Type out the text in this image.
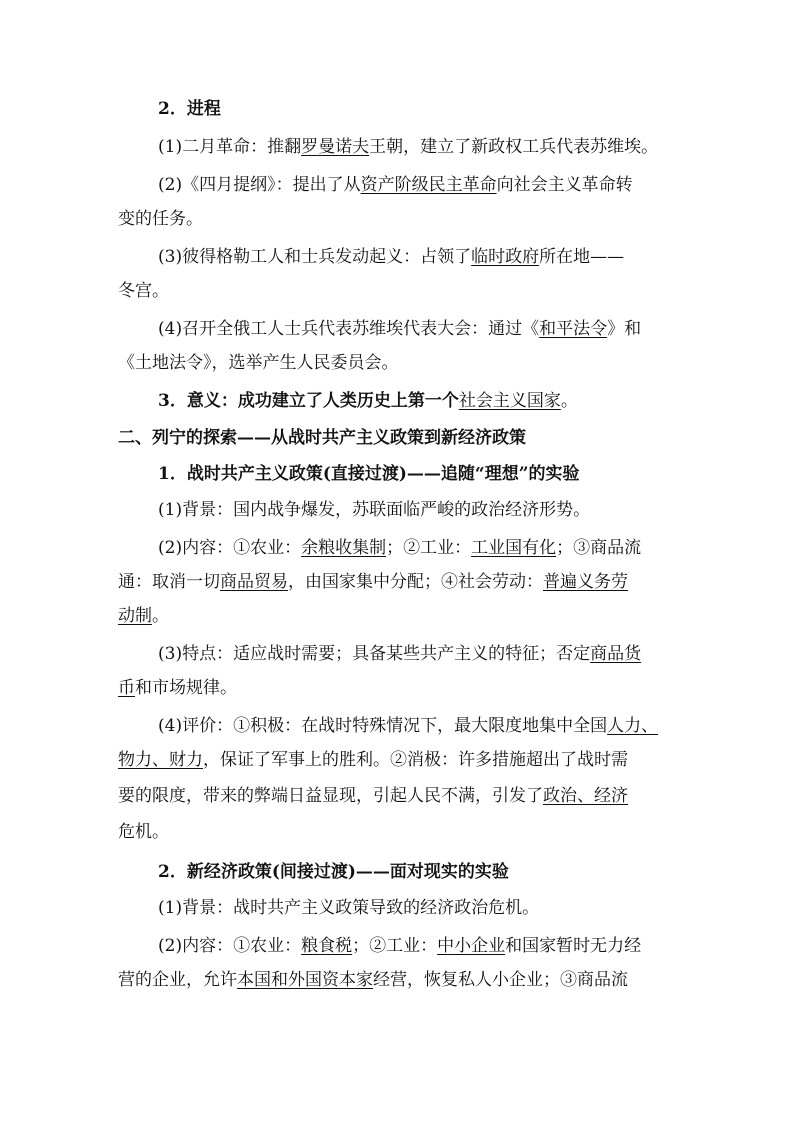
2．进程
(1)二月革命：推翻罗曼诺夫王朝，建立了新政权工兵代表苏维埃。
(2)《四月提纲》：提出了从资产阶级民主革命向社会主义革命转
变的任务。
(3)彼得格勒工人和士兵发动起义：占领了临时政府所在地——
冬宫。
(4)召开全俄工人士兵代表苏维埃代表大会：通过《和平法令》和
《土地法令》，选举产生人民委员会。
3．意义：成功建立了人类历史上第一个社会主义国家。
二、列宁的探索——从战时共产主义政策到新经济政策
1．战时共产主义政策(直接过渡)——追随“理想”的实验
(1)背景：国内战争爆发，苏联面临严峻的政治经济形势。
(2)内容：①农业：余粮收集制；②工业：工业国有化；③商品流
通：取消一切商品贸易，由国家集中分配；④社会劳动：普遍义务劳
动制。
(3)特点：适应战时需要；具备某些共产主义的特征；否定商品货
币和市场规律。
(4)评价：①积极：在战时特殊情况下，最大限度地集中全国人力、
物力、财力，保证了军事上的胜利。②消极：许多措施超出了战时需
要的限度，带来的弊端日益显现，引起人民不满，引发了政治、经济
危机。
2．新经济政策(间接过渡)——面对现实的实验
(1)背景：战时共产主义政策导致的经济政治危机。
(2)内容：①农业：粮食税；②工业：中小企业和国家暂时无力经
营的企业，允许本国和外国资本家经营，恢复私人小企业；③商品流
